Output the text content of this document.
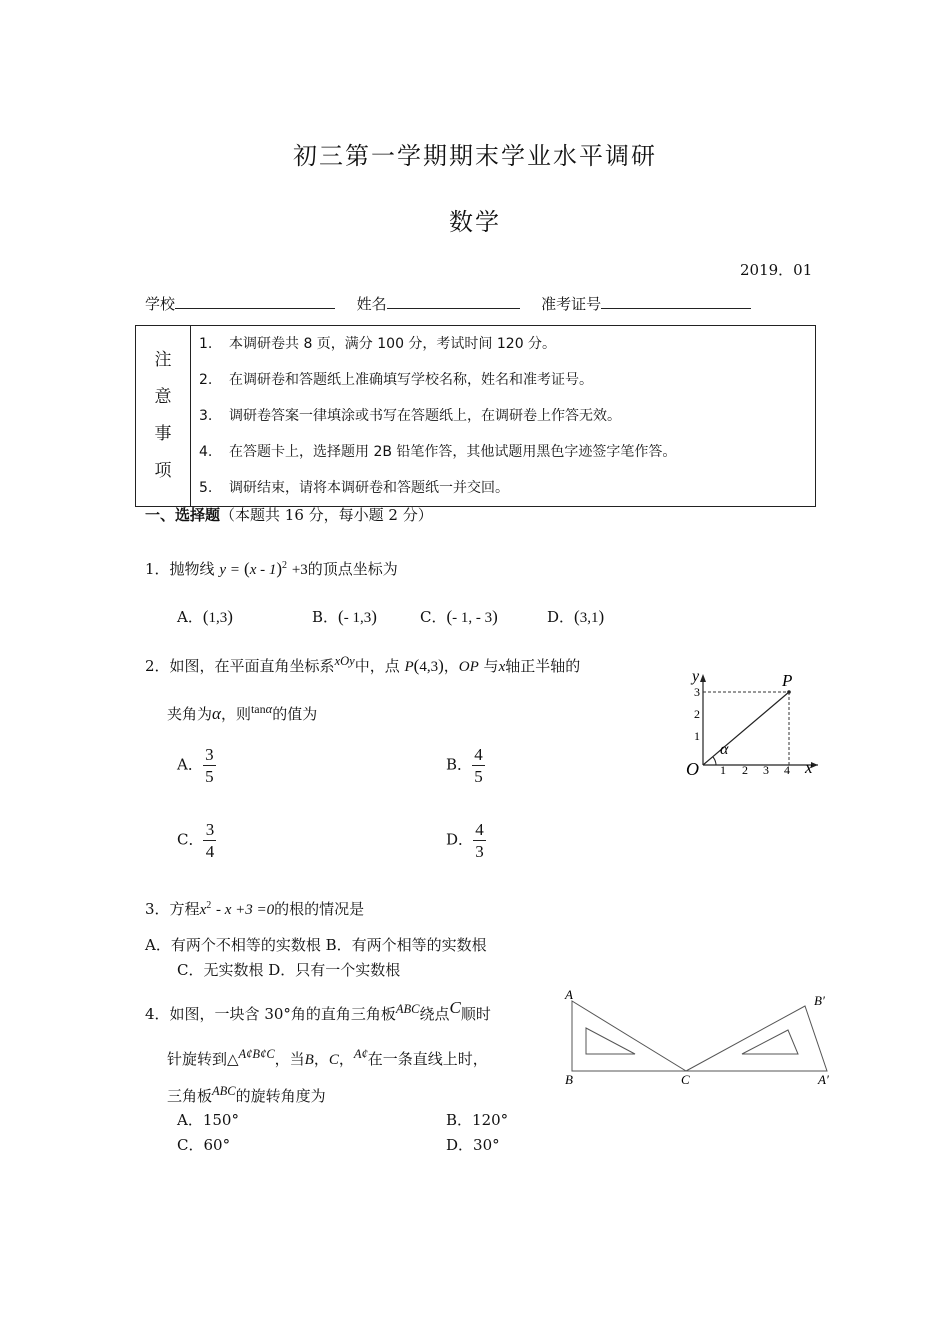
初三第一学期期末学业水平调研
数学
2019．01
学校	姓名	准考证号
注
意
事
项
	1. 本调研卷共 8 页，满分 100 分，考试时间 120 分。
2. 在调研卷和答题纸上准确填写学校名称，姓名和准考证号。
3. 调研卷答案一律填涂或书写在答题纸上，在调研卷上作答无效。
4. 在答题卡上，选择题用 2B 铅笔作答，其他试题用黑色字迹签字笔作答。
5. 调研结束，请将本调研卷和答题纸一并交回。
一、选择题（本题共 16 分，每小题 2 分）
1．抛物线 y = (x - 1)$^2$ +3的顶点坐标为
A．(1,3)	B．(- 1,3)	C．(- 1, - 3)	D．(3,1)
2．如图，在平面直角坐标系$^{xOy}$中，点 P(4,3)，OP 与x轴正半轴的
夹角为α，则$^{tan\alpha}$的值为
A． $\frac{3}{5}$	B． $\frac{4}{5}$
C． $\frac{3}{4}$	D． $\frac{4}{3}$
y
x
O
P
α
1 2 3 4
1
2
3
3．方程$x^2 - x +3 =0$的根的情况是
A．有两个不相等的实数根 B．有两个相等的实数根
C．无实数根 D．只有一个实数根
4．如图，一块含 30°角的直角三角板$^{ABC}$绕点$^C$顺时
针旋转到△$^{A¢B¢C}$，当B，C，$^{A¢}$在一条直线上时，
三角板$^{ABC}$的旋转角度为
A．150°	B．120°
C．60°	D．30°
A
B	C
B′
A′
